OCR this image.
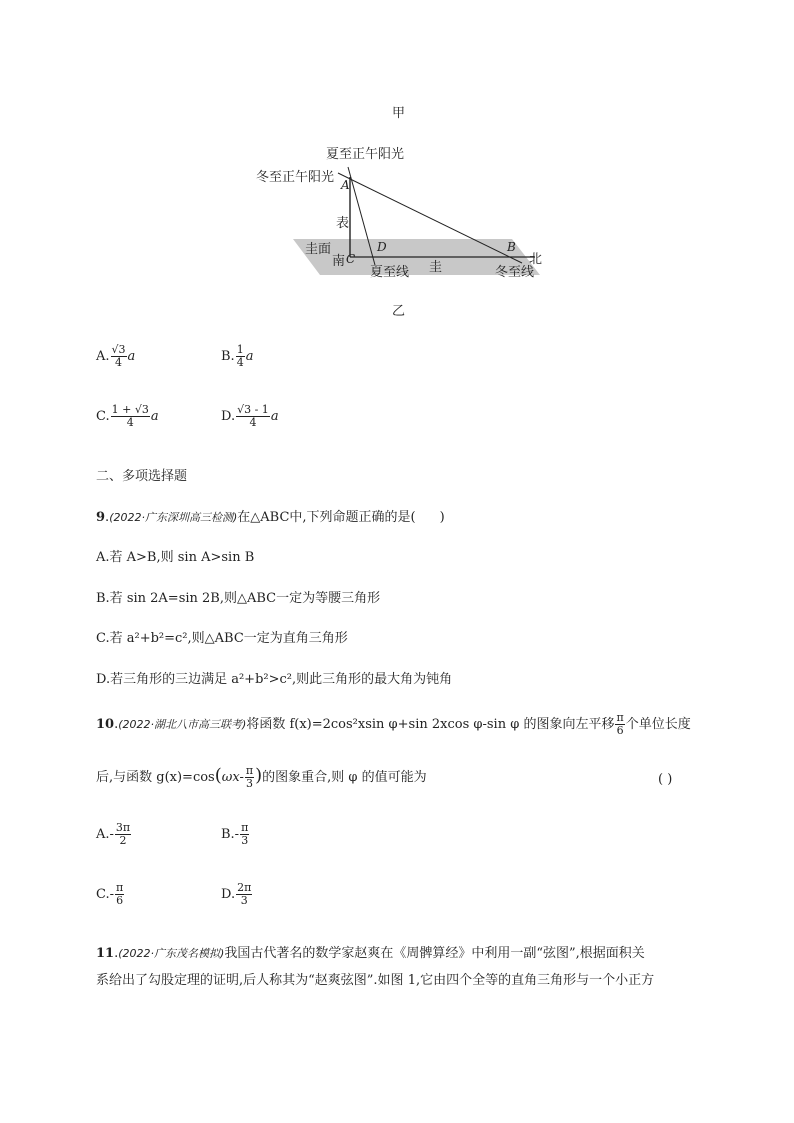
甲
夏至正午阳光
冬至正午阳光 A
表
圭面
南 C
D
夏至线 圭
B
北
冬至线
乙
A. $\frac{√3}{4}$ a	B. $\frac{1}{4}$ a
C. $\frac{1 + √3}{4}$ a	D. $\frac{√3 - 1}{4}$ a
二、多项选择题
9.(2022·广东深圳高三检测)在△ABC中,下列命题正确的是( )
A.若 A>B,则 sin A>sin B
B.若 sin 2A=sin 2B,则△ABC一定为等腰三角形
C.若 a²+b²=c²,则△ABC一定为直角三角形
D.若三角形的三边满足 a²+b²>c²,则此三角形的最大角为钝角
10.(2022·湖北八市高三联考)将函数 f(x)=2cos²xsin φ+sin 2xcos φ-sin φ 的图象向左平移 $\frac{\pi}{6}$ 个单位长度
后,与函数 $g(x)=\cos(\omega x- \frac{\pi}{3}$ )的图象重合,则 φ 的值可能为	( )
$A.- \frac{3\pi}{2}$	$B.- \frac{\pi}{3}$
$C.- \frac{\pi}{6}$	D. $\frac{2\pi}{3}$
11.(2022·广东茂名模拟)我国古代著名的数学家赵爽在《周髀算经》中利用一副“弦图”,根据面积关
系给出了勾股定理的证明,后人称其为“赵爽弦图”.如图 1,它由四个全等的直角三角形与一个小正方
